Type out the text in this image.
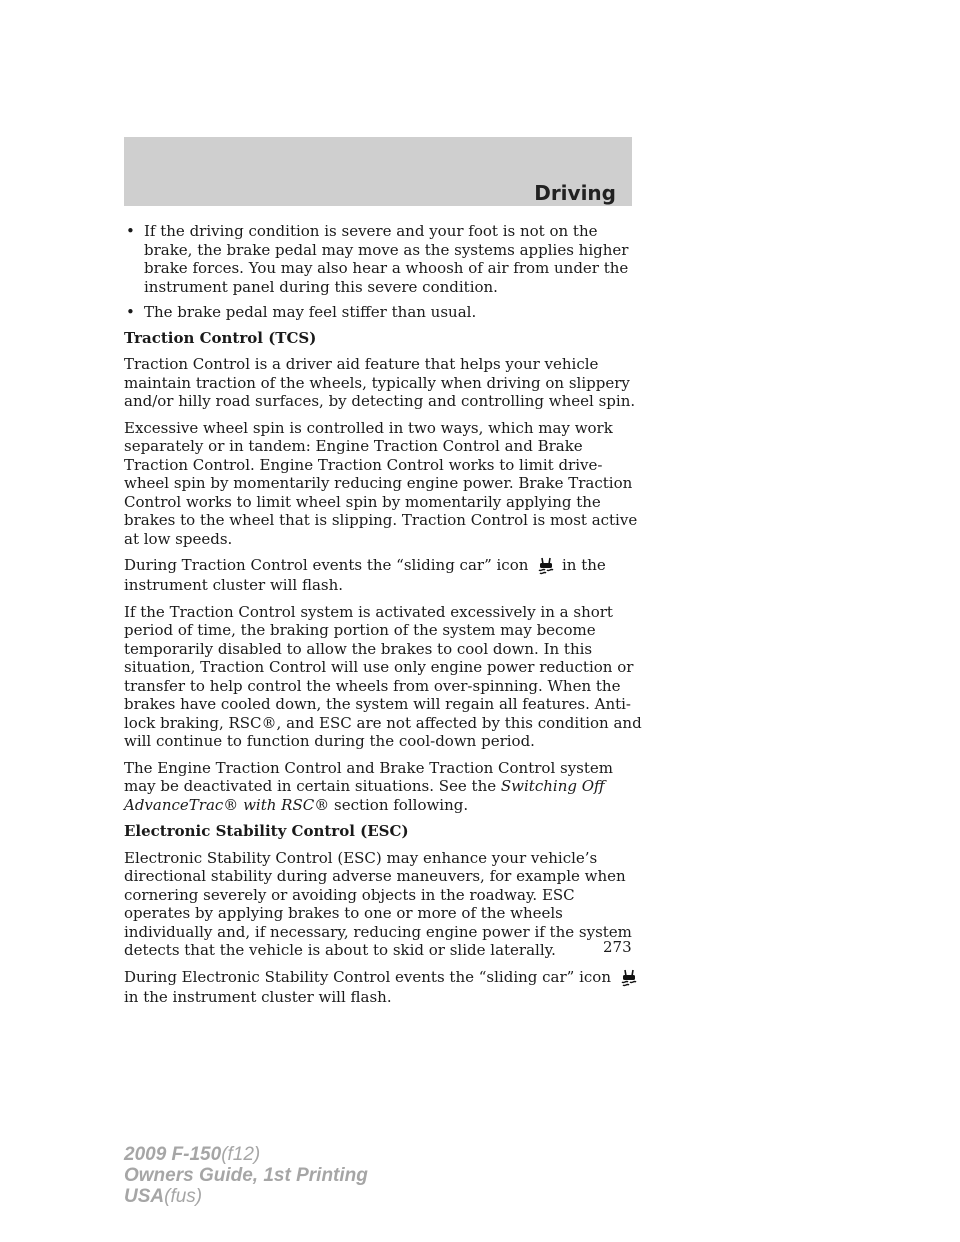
Driving
• If the driving condition is severe and your foot is not on the brake, the brake pedal may move as the systems applies higher brake forces. You may also hear a whoosh of air from under the instrument panel during this severe condition.
• The brake pedal may feel stiffer than usual.

Traction Control (TCS)

Traction Control is a driver aid feature that helps your vehicle maintain traction of the wheels, typically when driving on slippery and/or hilly road surfaces, by detecting and controlling wheel spin.

Excessive wheel spin is controlled in two ways, which may work separately or in tandem: Engine Traction Control and Brake Traction Control. Engine Traction Control works to limit drive-wheel spin by momentarily reducing engine power. Brake Traction Control works to limit wheel spin by momentarily applying the brakes to the wheel that is slipping. Traction Control is most active at low speeds.

During Traction Control events the “sliding car” icon in the instrument cluster will flash.

If the Traction Control system is activated excessively in a short period of time, the braking portion of the system may become temporarily disabled to allow the brakes to cool down. In this situation, Traction Control will use only engine power reduction or transfer to help control the wheels from over-spinning. When the brakes have cooled down, the system will regain all features. Anti-lock braking, RSC®, and ESC are not affected by this condition and will continue to function during the cool-down period.

The Engine Traction Control and Brake Traction Control system may be deactivated in certain situations. See the Switching Off AdvanceTrac® with RSC® section following.

Electronic Stability Control (ESC)

Electronic Stability Control (ESC) may enhance your vehicle’s directional stability during adverse maneuvers, for example when cornering severely or avoiding objects in the roadway. ESC operates by applying brakes to one or more of the wheels individually and, if necessary, reducing engine power if the system detects that the vehicle is about to skid or slide laterally.

During Electronic Stability Control events the “sliding car” icon  in the instrument cluster will flash.

273
2009 F-150(f12)
Owners Guide, 1st Printing
USA(fus)
